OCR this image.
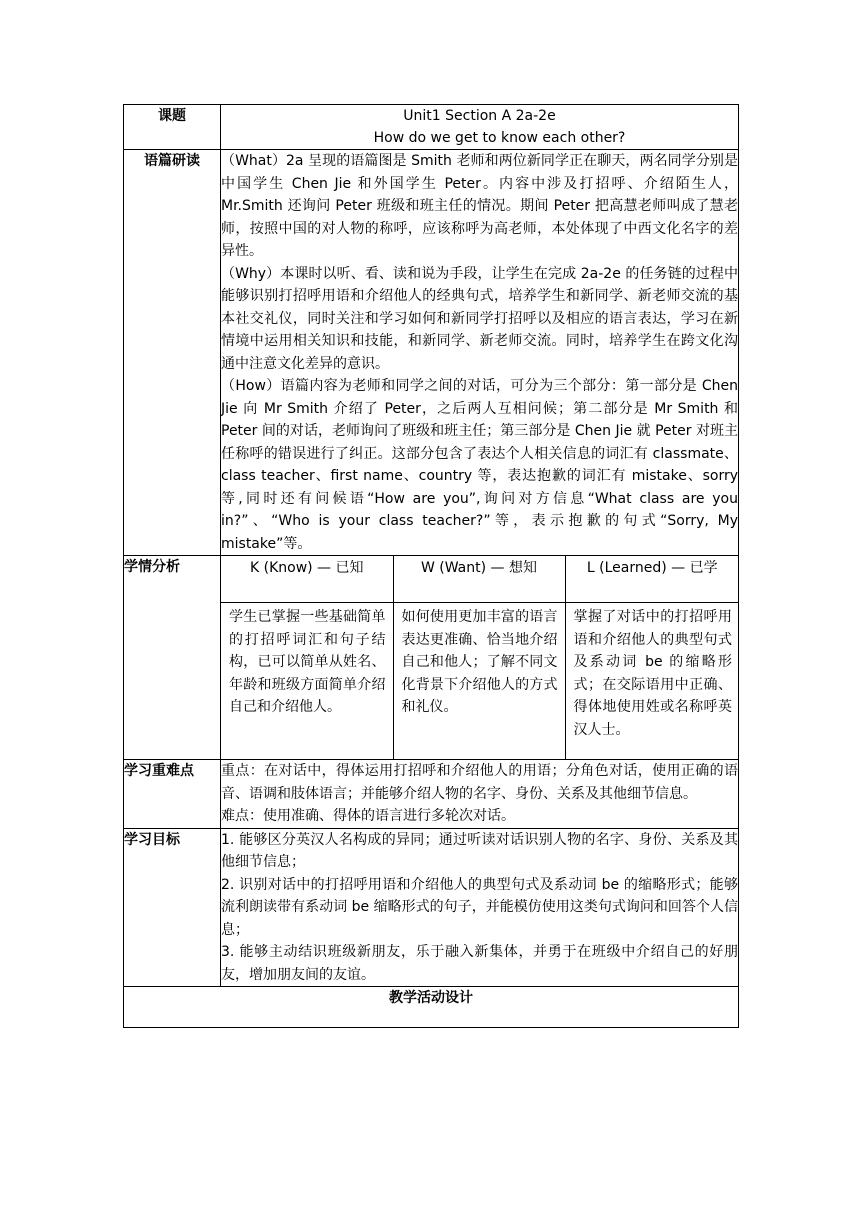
课题	Unit1 Section A 2a-2e
How do we get to know each other?

语篇研读	（What）2a 呈现的语篇图是 Smith 老师和两位新同学正在聊天，两名同学分别是中国学生 Chen Jie 和外国学生 Peter。内容中涉及打招呼、介绍陌生人，Mr.Smith 还询问 Peter 班级和班主任的情况。期间 Peter 把高慧老师叫成了慧老师，按照中国的对人物的称呼，应该称呼为高老师，本处体现了中西文化名字的差异性。

（Why）本课时以听、看、读和说为手段，让学生在完成 2a-2e 的任务链的过程中能够识别打招呼用语和介绍他人的经典句式，培养学生和新同学、新老师交流的基本社交礼仪，同时关注和学习如何和新同学打招呼以及相应的语言表达，学习在新情境中运用相关知识和技能，和新同学、新老师交流。同时，培养学生在跨文化沟通中注意文化差异的意识。

（How）语篇内容为老师和同学之间的对话，可分为三个部分：第一部分是 Chen Jie 向 Mr Smith 介绍了 Peter，之后两人互相问候；第二部分是 Mr Smith 和 Peter 间的对话，老师询问了班级和班主任；第三部分是 Chen Jie 就 Peter 对班主任称呼的错误进行了纠正。这部分包含了表达个人相关信息的词汇有 classmate、class teacher、first name、country 等，表达抱歉的词汇有 mistake、sorry 等,同时还有问候语“How are you”,询问对方信息“What class are you in?”、“Who is your class teacher?”等，表示抱歉的句式“Sorry, My mistake”等。

学情分析		K (Know) — 已知	W (Want) — 想知	L (Learned) — 已学
学生已掌握一些基础简单的打招呼词汇和句子结构，已可以简单从姓名、年龄和班级方面简单介绍自己和介绍他人。	如何使用更加丰富的语言表达更准确、恰当地介绍自己和他人；了解不同文化背景下介绍他人的方式和礼仪。	掌握了对话中的打招呼用语和介绍他人的典型句式及系动词 be 的缩略形式；在交际语用中正确、得体地使用姓或名称呼英汉人士。

学习重难点	重点：在对话中，得体运用打招呼和介绍他人的用语；分角色对话，使用正确的语音、语调和肢体语言；并能够介绍人物的名字、身份、关系及其他细节信息。

难点：使用准确、得体的语言进行多轮次对话。

学习目标	1. 能够区分英汉人名构成的异同；通过听读对话识别人物的名字、身份、关系及其他细节信息；

2. 识别对话中的打招呼用语和介绍他人的典型句式及系动词 be 的缩略形式；能够流利朗读带有系动词 be 缩略形式的句子，并能模仿使用这类句式询问和回答个人信息；

3. 能够主动结识班级新朋友，乐于融入新集体，并勇于在班级中介绍自己的好朋友，增加朋友间的友谊。

教学活动设计
